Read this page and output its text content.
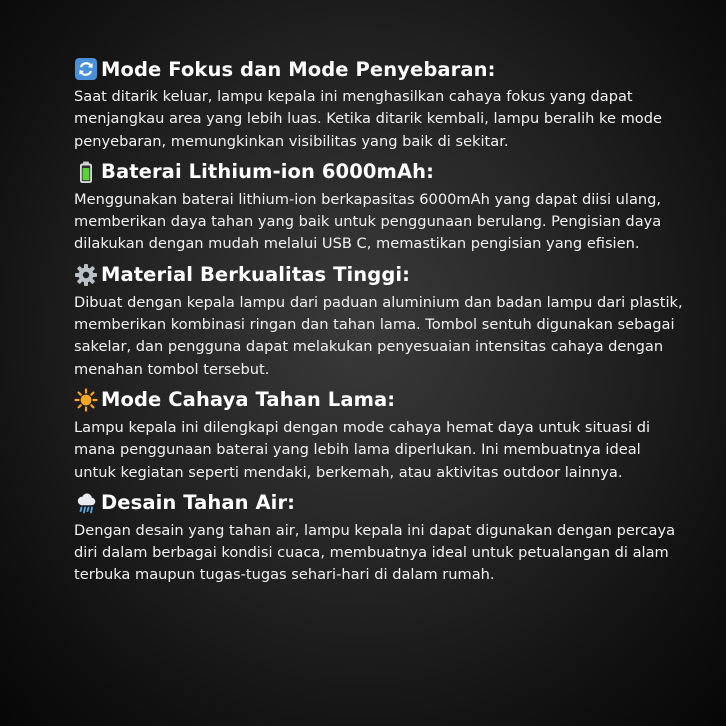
Mode Fokus dan Mode Penyebaran:

Saat ditarik keluar, lampu kepala ini menghasilkan cahaya fokus yang dapat menjangkau area yang lebih luas. Ketika ditarik kembali, lampu beralih ke mode penyebaran, memungkinkan visibilitas yang baik di sekitar.

Baterai Lithium-ion 6000mAh:

Menggunakan baterai lithium-ion berkapasitas 6000mAh yang dapat diisi ulang, memberikan daya tahan yang baik untuk penggunaan berulang. Pengisian daya dilakukan dengan mudah melalui USB C, memastikan pengisian yang efisien.

Material Berkualitas Tinggi:

Dibuat dengan kepala lampu dari paduan aluminium dan badan lampu dari plastik, memberikan kombinasi ringan dan tahan lama. Tombol sentuh digunakan sebagai sakelar, dan pengguna dapat melakukan penyesuaian intensitas cahaya dengan menahan tombol tersebut.

Mode Cahaya Tahan Lama:

Lampu kepala ini dilengkapi dengan mode cahaya hemat daya untuk situasi di mana penggunaan baterai yang lebih lama diperlukan. Ini membuatnya ideal untuk kegiatan seperti mendaki, berkemah, atau aktivitas outdoor lainnya.

Desain Tahan Air:

Dengan desain yang tahan air, lampu kepala ini dapat digunakan dengan percaya diri dalam berbagai kondisi cuaca, membuatnya ideal untuk petualangan di alam terbuka maupun tugas-tugas sehari-hari di dalam rumah.
